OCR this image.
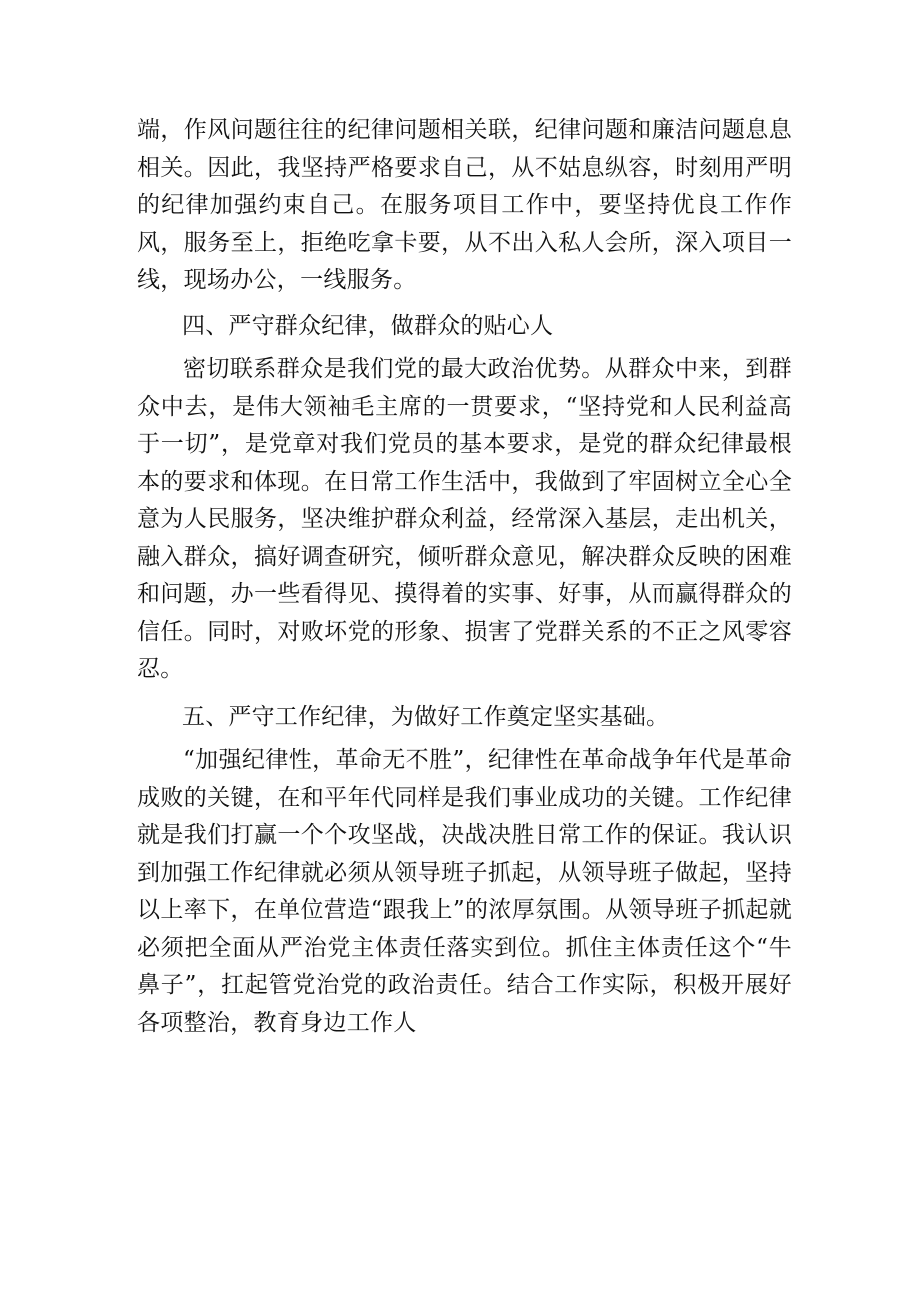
端，作风问题往往的纪律问题相关联，纪律问题和廉洁问题息息相关。因此，我坚持严格要求自己，从不姑息纵容，时刻用严明的纪律加强约束自己。在服务项目工作中，要坚持优良工作作风，服务至上，拒绝吃拿卡要，从不出入私人会所，深入项目一线，现场办公，一线服务。

四、严守群众纪律，做群众的贴心人

密切联系群众是我们党的最大政治优势。从群众中来，到群众中去，是伟大领袖毛主席的一贯要求，“坚持党和人民利益高于一切”，是党章对我们党员的基本要求，是党的群众纪律最根本的要求和体现。在日常工作生活中，我做到了牢固树立全心全意为人民服务，坚决维护群众利益，经常深入基层，走出机关，融入群众，搞好调查研究，倾听群众意见，解决群众反映的困难和问题，办一些看得见、摸得着的实事、好事，从而赢得群众的信任。同时，对败坏党的形象、损害了党群关系的不正之风零容忍。

五、严守工作纪律，为做好工作奠定坚实基础。

“加强纪律性，革命无不胜”，纪律性在革命战争年代是革命成败的关键，在和平年代同样是我们事业成功的关键。工作纪律就是我们打赢一个个攻坚战，决战决胜日常工作的保证。我认识到加强工作纪律就必须从领导班子抓起，从领导班子做起，坚持以上率下，在单位营造“跟我上”的浓厚氛围。从领导班子抓起就必须把全面从严治党主体责任落实到位。抓住主体责任这个“牛鼻子”，扛起管党治党的政治责任。结合工作实际，积极开展好各项整治，教育身边工作人
